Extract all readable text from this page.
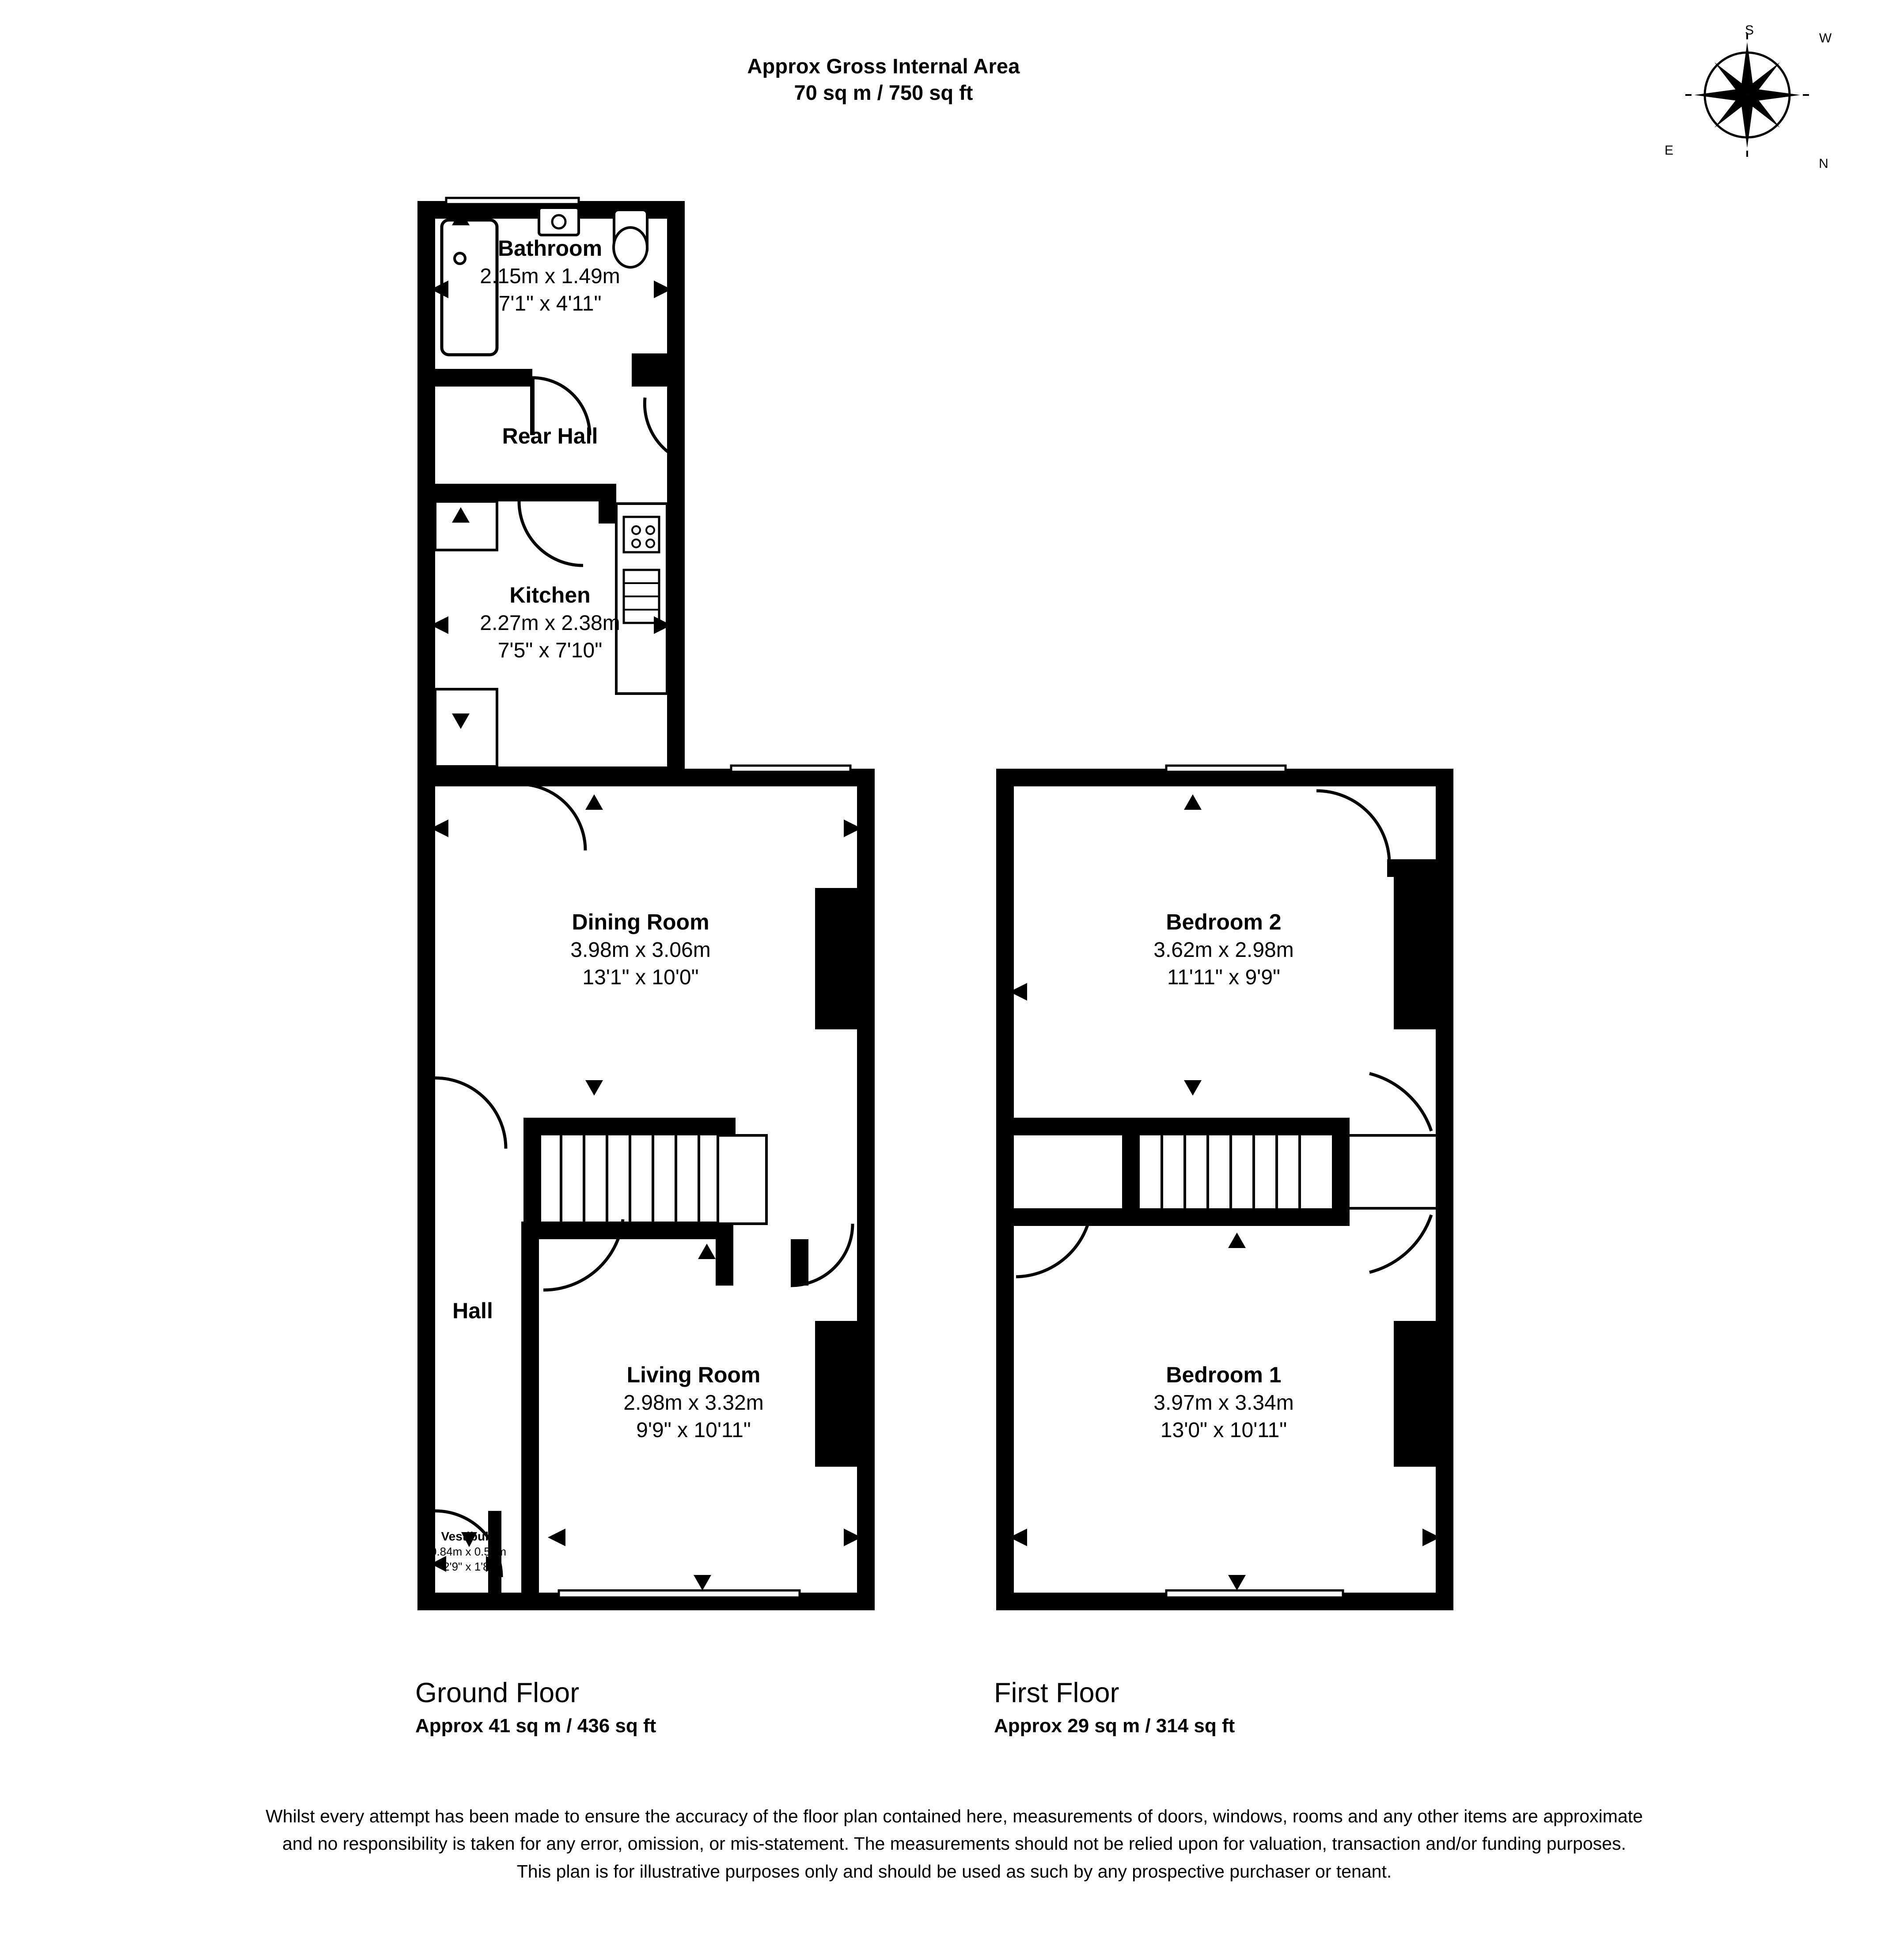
Approx Gross Internal Area
70 sq m / 750 sq ft
S
W
E
N
Bathroom
2.15m x 1.49m
7'1" x 4'11"
Rear Hall
Kitchen
2.27m x 2.38m
7'5" x 7'10"
Dining Room
3.98m x 3.06m
13'1" x 10'0"
Hall
Living Room
2.98m x 3.32m
9'9" x 10'11"
Vestibule
0.84m x 0.52m
2'9" x 1'8"
Bedroom 2
3.62m x 2.98m
11'11" x 9'9"
Bedroom 1
3.97m x 3.34m
13'0" x 10'11"
Ground Floor
Approx 41 sq m / 436 sq ft
First Floor
Approx 29 sq m / 314 sq ft
Whilst every attempt has been made to ensure the accuracy of the floor plan contained here, measurements of doors, windows, rooms and any other items are approximate and no responsibility is taken for any error, omission, or mis-statement. The measurements should not be relied upon for valuation, transaction and/or funding purposes. This plan is for illustrative purposes only and should be used as such by any prospective purchaser or tenant.
